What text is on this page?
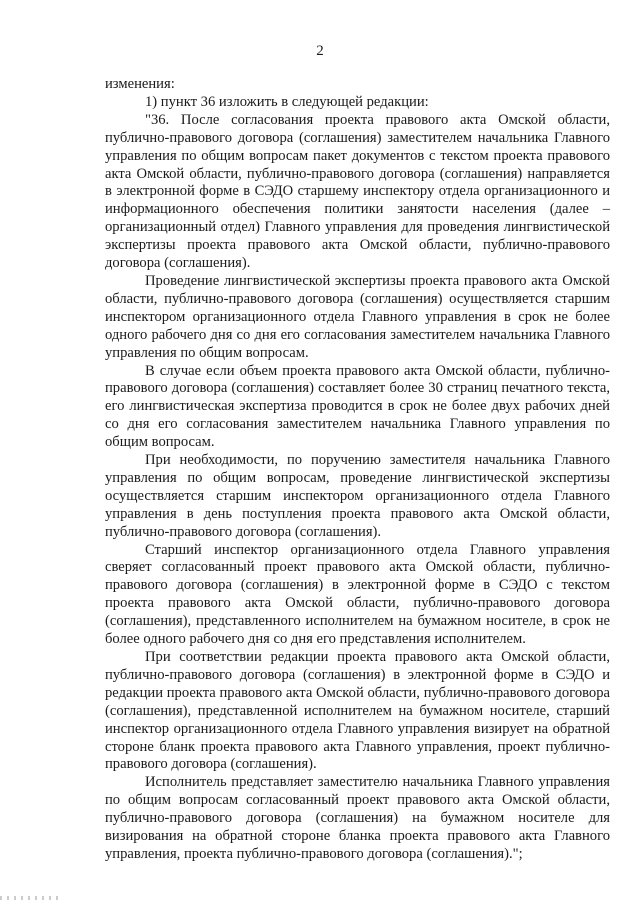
2

изменения:

1) пункт 36 изложить в следующей редакции:

"36. После согласования проекта правового акта Омской области, публично-правового договора (соглашения) заместителем начальника Главного управления по общим вопросам пакет документов с текстом проекта правового акта Омской области, публично-правового договора (соглашения) направляется в электронной форме в СЭДО старшему инспектору отдела организационного и информационного обеспечения политики занятости населения (далее – организационный отдел) Главного управления для проведения лингвистической экспертизы проекта правового акта Омской области, публично-правового договора (соглашения).

Проведение лингвистической экспертизы проекта правового акта Омской области, публично-правового договора (соглашения) осуществляется старшим инспектором организационного отдела Главного управления в срок не более одного рабочего дня со дня его согласования заместителем начальника Главного управления по общим вопросам.

В случае если объем проекта правового акта Омской области, публично-правового договора (соглашения) составляет более 30 страниц печатного текста, его лингвистическая экспертиза проводится в срок не более двух рабочих дней со дня его согласования заместителем начальника Главного управления по общим вопросам.

При необходимости, по поручению заместителя начальника Главного управления по общим вопросам, проведение лингвистической экспертизы осуществляется старшим инспектором организационного отдела Главного управления в день поступления проекта правового акта Омской области, публично-правового договора (соглашения).

Старший инспектор организационного отдела Главного управления сверяет согласованный проект правового акта Омской области, публично-правового договора (соглашения) в электронной форме в СЭДО с текстом проекта правового акта Омской области, публично-правового договора (соглашения), представленного исполнителем на бумажном носителе, в срок не более одного рабочего дня со дня его представления исполнителем.

При соответствии редакции проекта правового акта Омской области, публично-правового договора (соглашения) в электронной форме в СЭДО и редакции проекта правового акта Омской области, публично-правового договора (соглашения), представленной исполнителем на бумажном носителе, старший инспектор организационного отдела Главного управления визирует на обратной стороне бланк проекта правового акта Главного управления, проект публично-правового договора (соглашения).

Исполнитель представляет заместителю начальника Главного управления по общим вопросам согласованный проект правового акта Омской области, публично-правового договора (соглашения) на бумажном носителе для визирования на обратной стороне бланка проекта правового акта Главного управления, проекта публично-правового договора (соглашения).";
